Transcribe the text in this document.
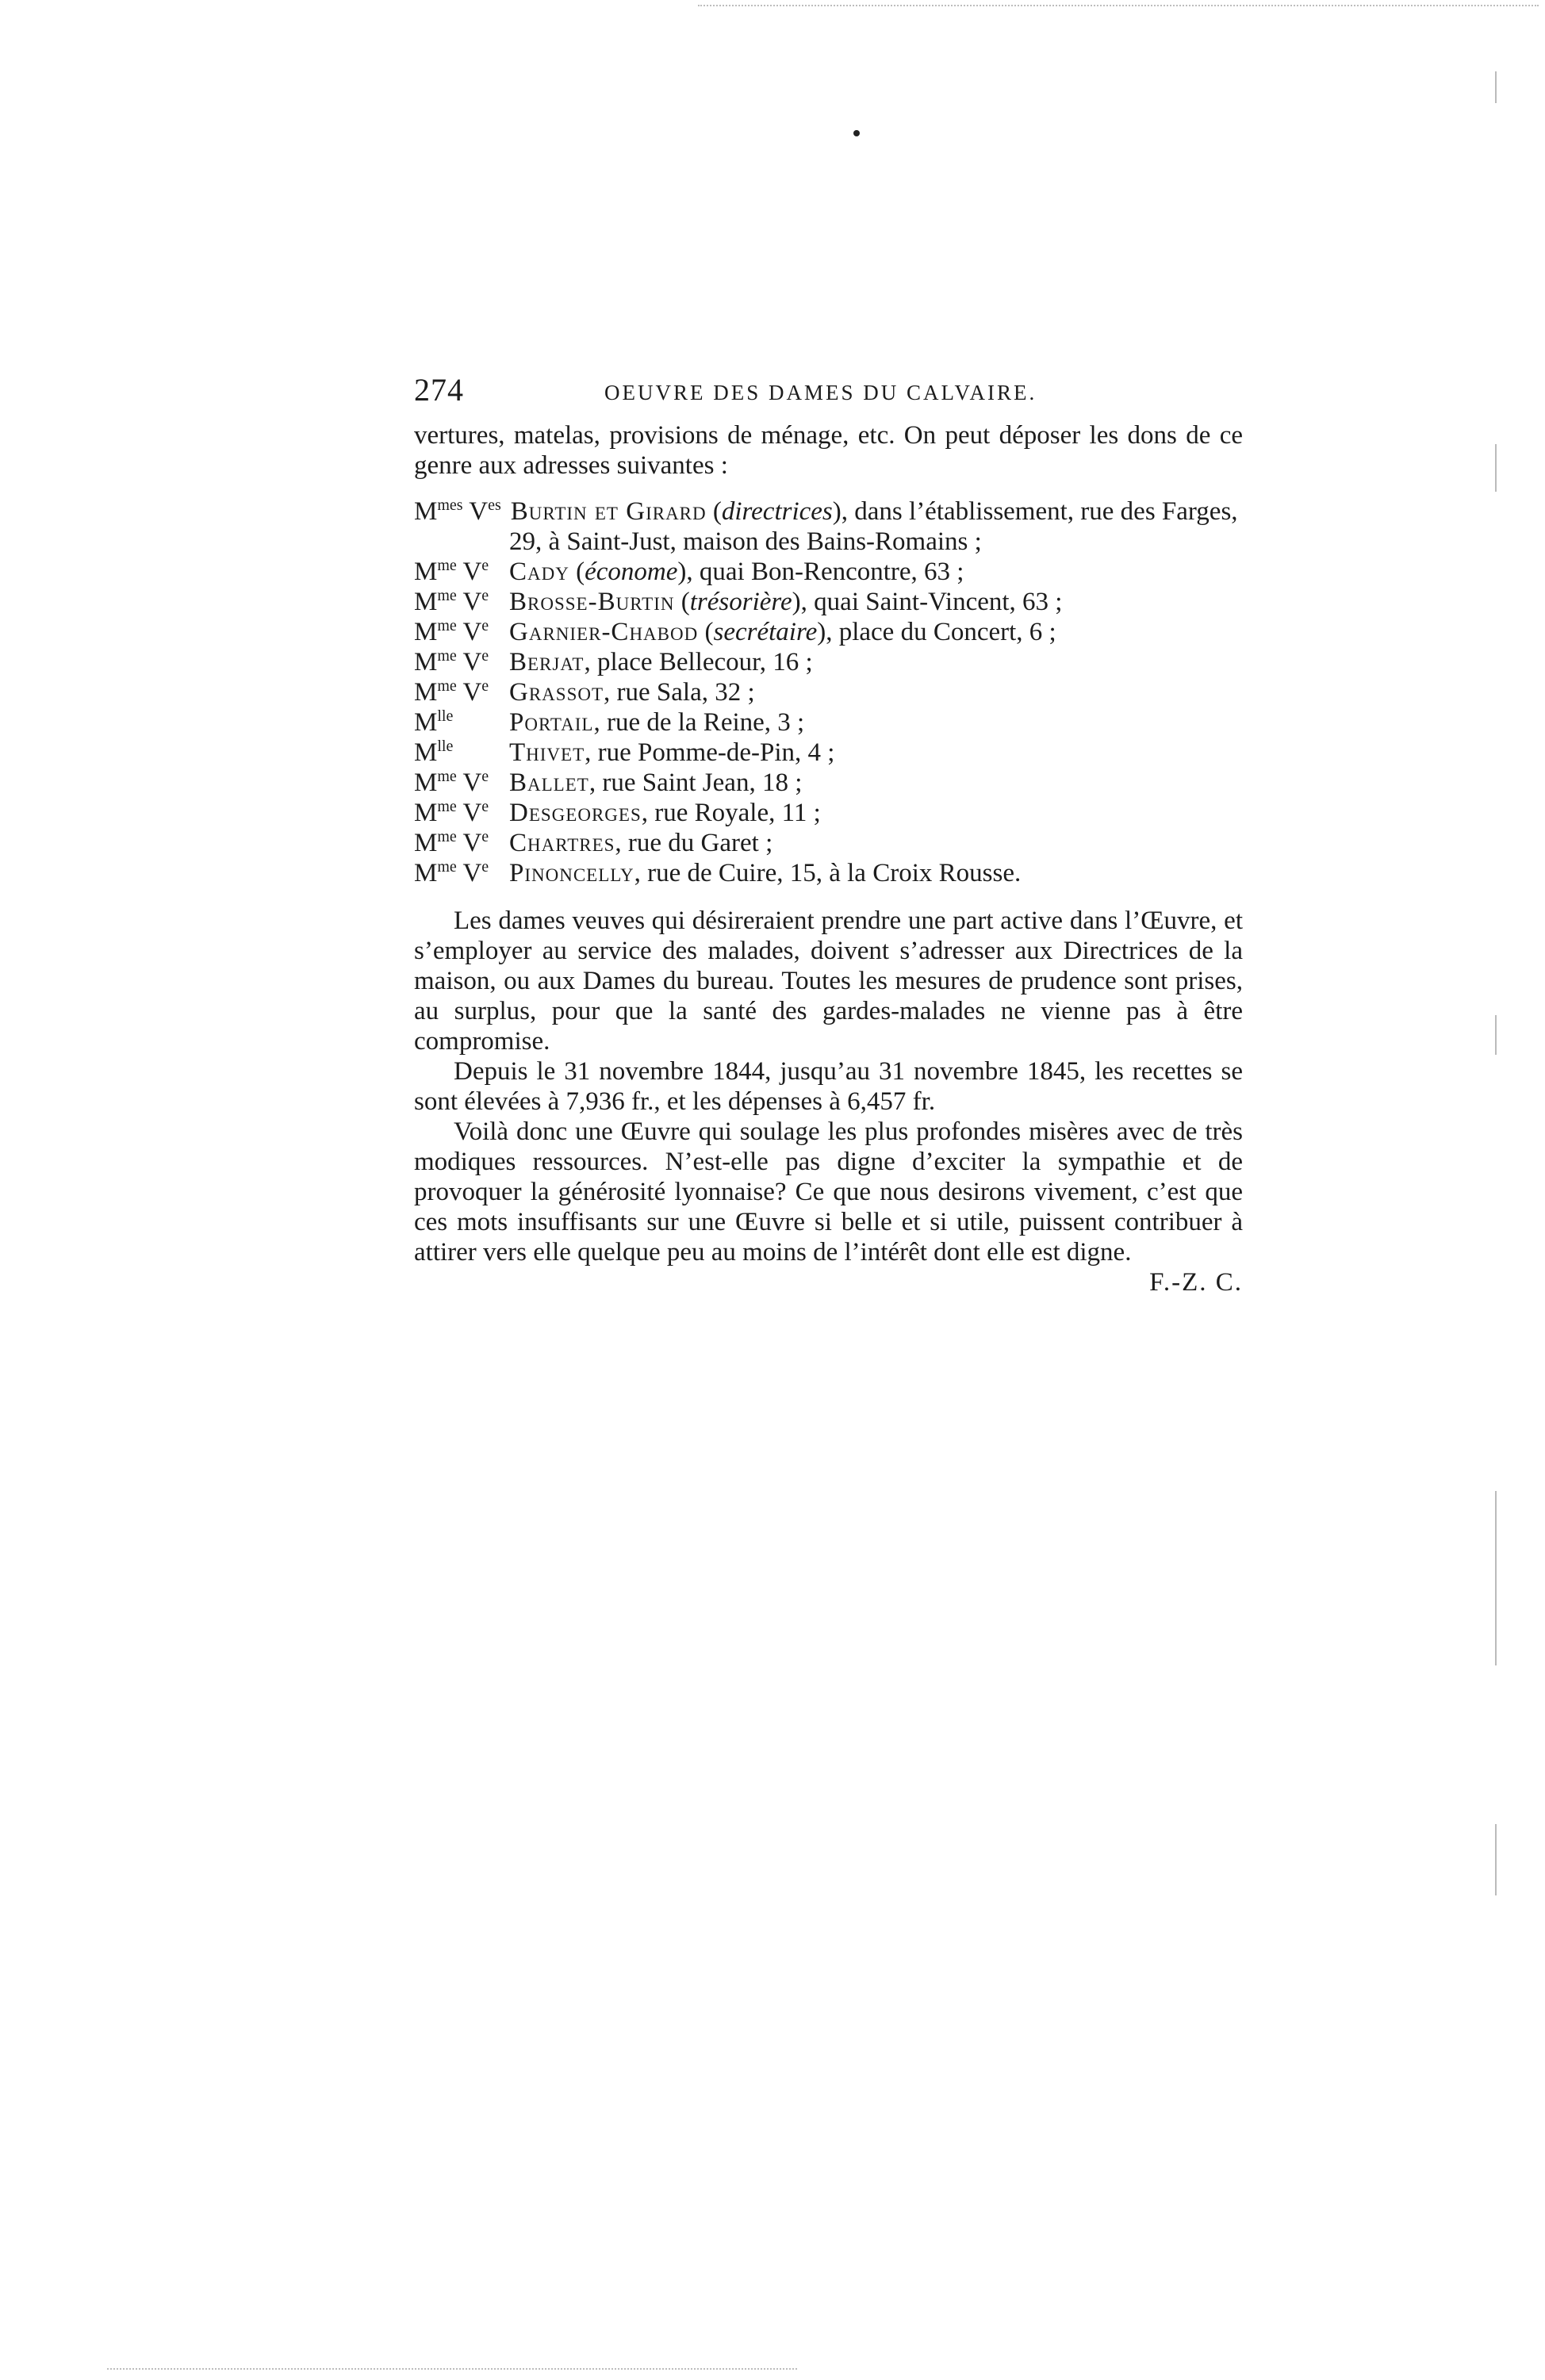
274	OEUVRE DES DAMES DU CALVAIRE.

vertures, matelas, provisions de ménage, etc. On peut déposer les dons de ce genre aux adresses suivantes :

$M^{mes}$ $V^{es}$ Burtin et Girard (directrices), dans l’établissement, rue des Farges, 29, à Saint-Just, maison des Bains-Romains ;

$M^{me}$ Ve Cady (économe), quai Bon-Rencontre, 63 ;

$M^{me}$ Ve Brosse-Burtin (trésorière), quai Saint-Vincent, 63 ;

$M^{me}$ Ve Garnier-Chabod (secrétaire), place du Concert, 6 ;

$M^{me}$ Ve Berjat, place Bellecour, 16 ;

$M^{me}$ Ve Grassot, rue Sala, 32 ;

$M^{lle}$ Portail, rue de la Reine, 3 ;

$M^{lle}$ Thivet, rue Pomme-de-Pin, 4 ;

$M^{me}$ Ve Ballet, rue Saint Jean, 18 ;

$M^{me}$ Ve Desgeorges, rue Royale, 11 ;

$M^{me}$ Ve Chartres, rue du Garet ;

$M^{me}$ Ve Pinoncelly, rue de Cuire, 15, à la Croix Rousse.

Les dames veuves qui désireraient prendre une part active dans l’Œuvre, et s’employer au service des malades, doivent s’adresser aux Directrices de la maison, ou aux Dames du bureau. Toutes les mesures de prudence sont prises, au surplus, pour que la santé des gardes-malades ne vienne pas à être compromise.

Depuis le 31 novembre 1844, jusqu’au 31 novembre 1845, les recettes se sont élevées à 7,936 fr., et les dépenses à 6,457 fr.

Voilà donc une Œuvre qui soulage les plus profondes misères avec de très modiques ressources. N’est-elle pas digne d’exciter la sympathie et de provoquer la générosité lyonnaise? Ce que nous desirons vivement, c’est que ces mots insuffisants sur une Œuvre si belle et si utile, puissent contribuer à attirer vers elle quelque peu au moins de l’intérêt dont elle est digne.

F.-Z. C.
